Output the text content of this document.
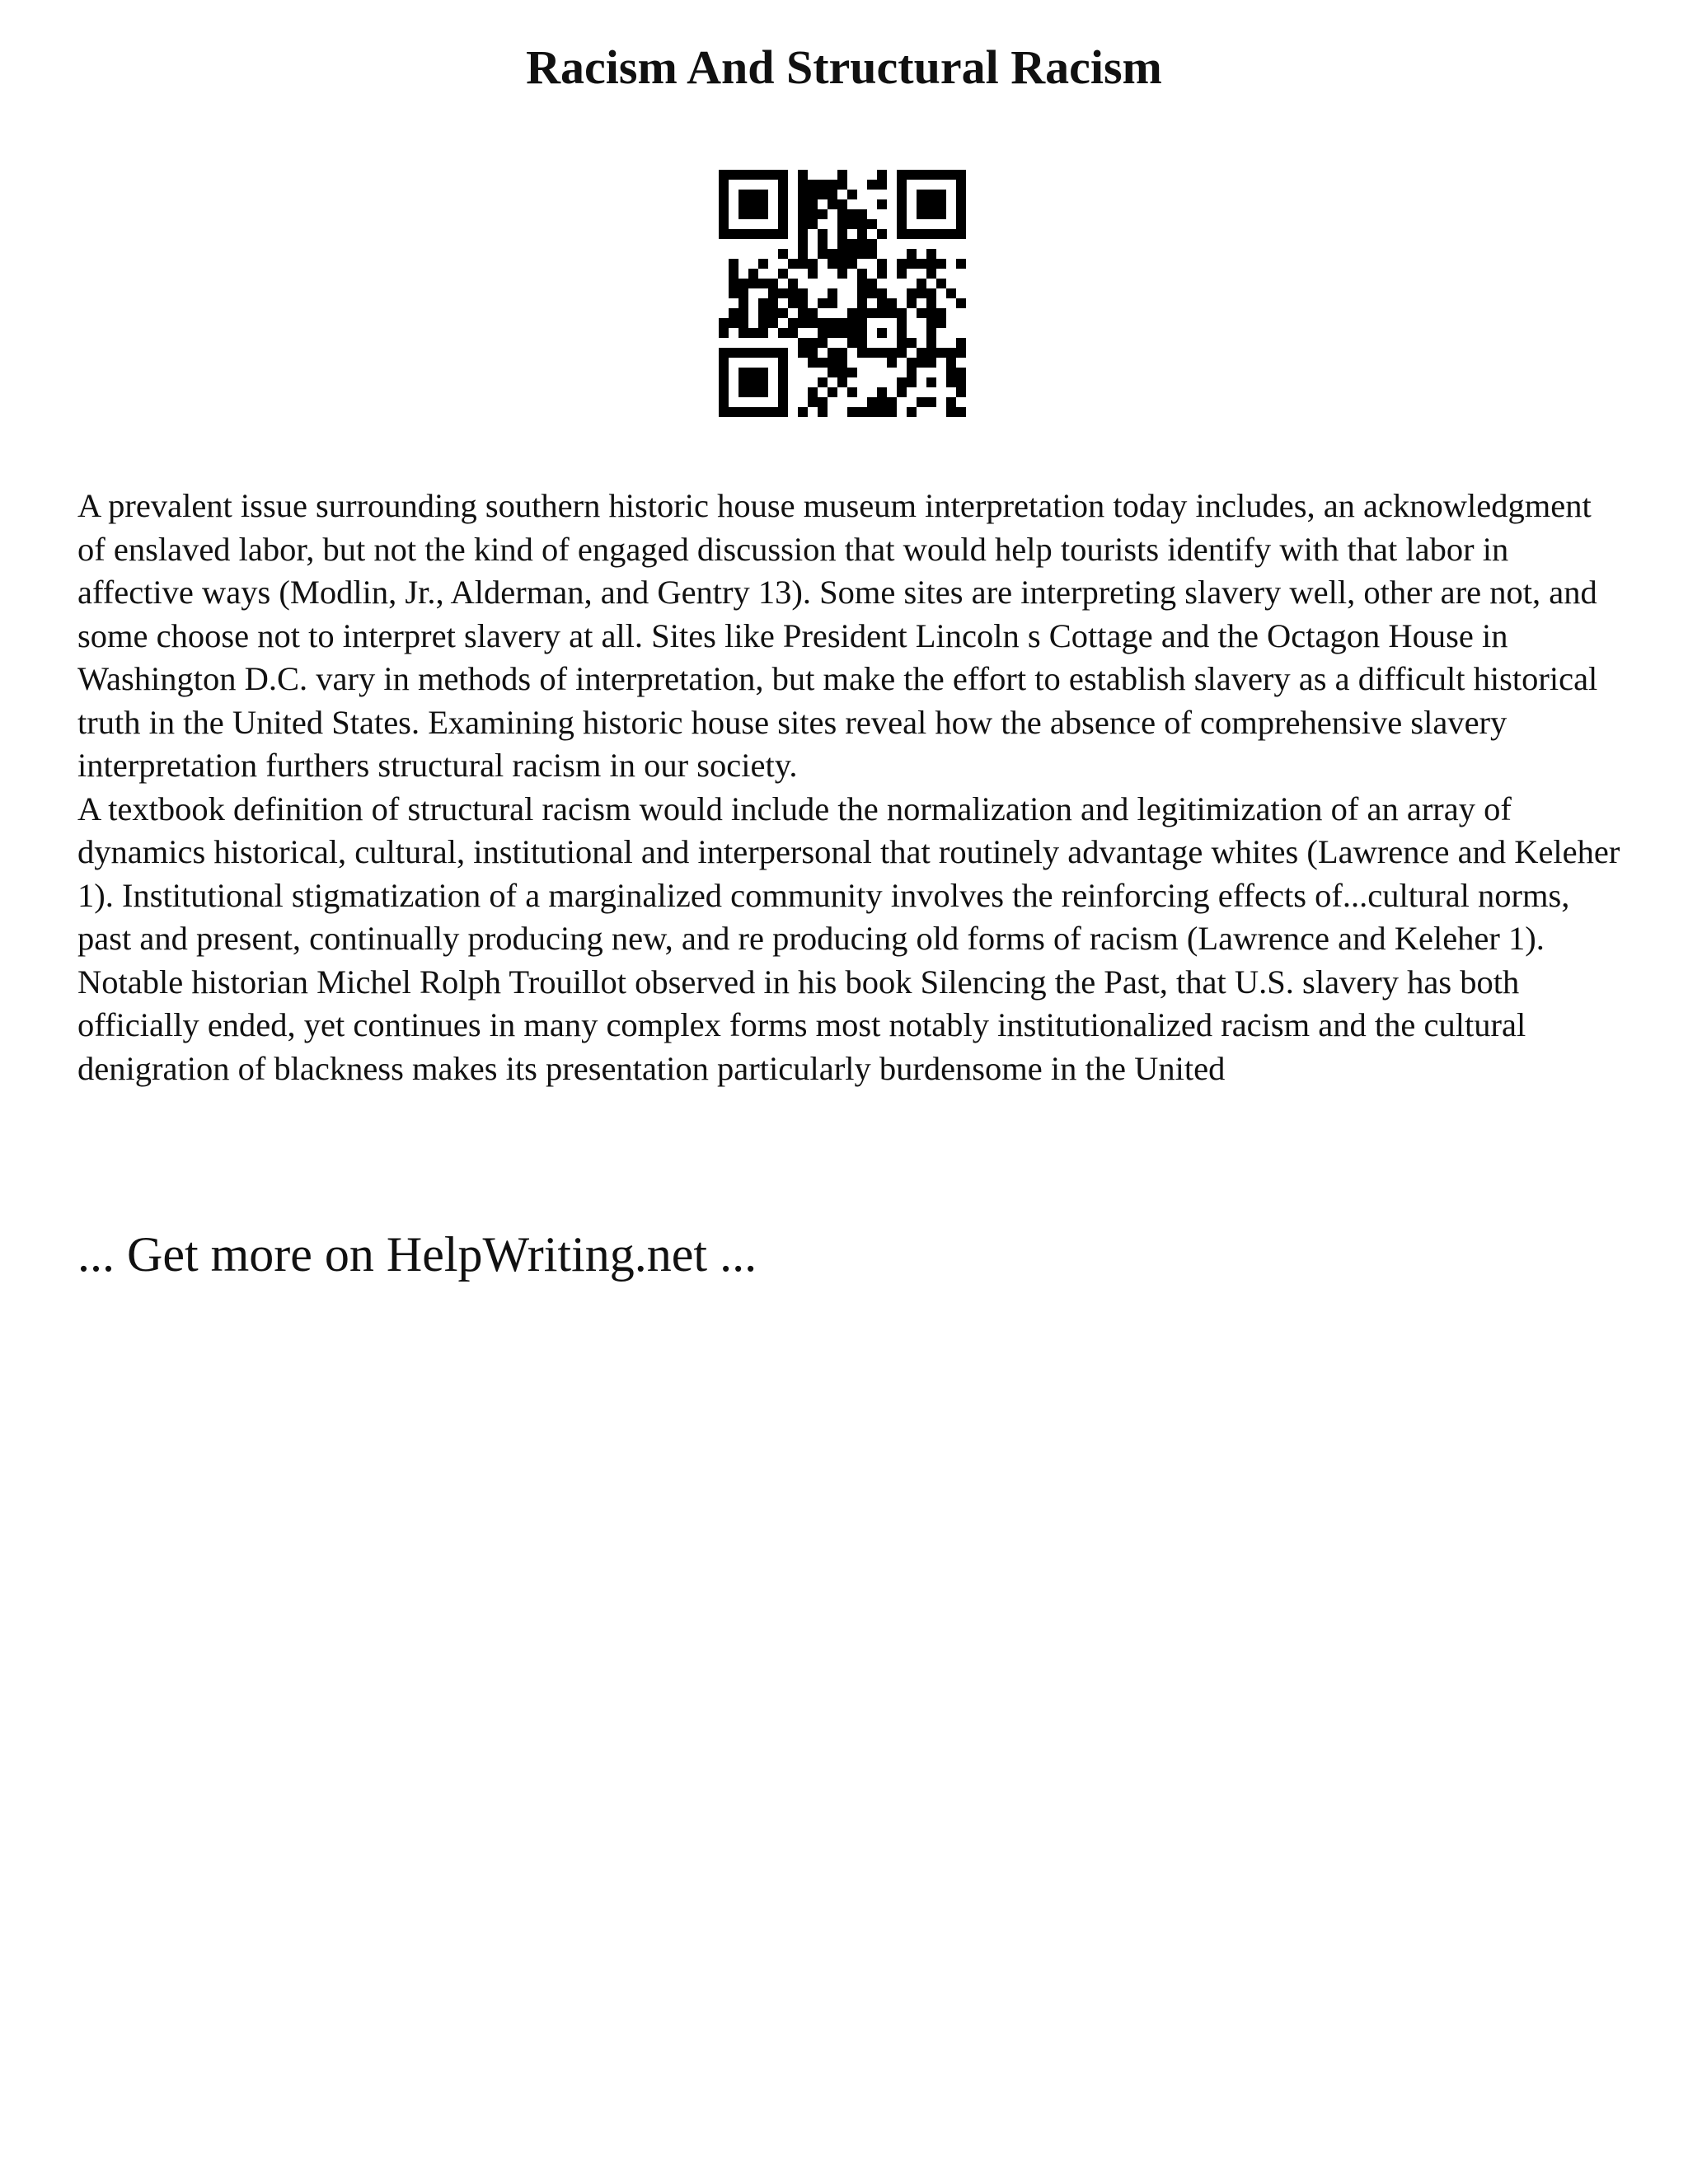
Racism And Structural Racism

A prevalent issue surrounding southern historic house museum interpretation today includes, an acknowledgment of enslaved labor, but not the kind of engaged discussion that would help tourists identify with that labor in affective ways (Modlin, Jr., Alderman, and Gentry 13). Some sites are interpreting slavery well, other are not, and some choose not to interpret slavery at all. Sites like President Lincoln s Cottage and the Octagon House in Washington D.C. vary in methods of interpretation, but make the effort to establish slavery as a difficult historical truth in the United States. Examining historic house sites reveal how the absence of comprehensive slavery interpretation furthers structural racism in our society.

A textbook definition of structural racism would include the normalization and legitimization of an array of dynamics historical, cultural, institutional and interpersonal that routinely advantage whites (Lawrence and Keleher 1). Institutional stigmatization of a marginalized community involves the reinforcing effects of...cultural norms, past and present, continually producing new, and re producing old forms of racism (Lawrence and Keleher 1). Notable historian Michel Rolph Trouillot observed in his book Silencing the Past, that U.S. slavery has both officially ended, yet continues in many complex forms most notably institutionalized racism and the cultural denigration of blackness makes its presentation particularly burdensome in the United

... Get more on HelpWriting.net ...
